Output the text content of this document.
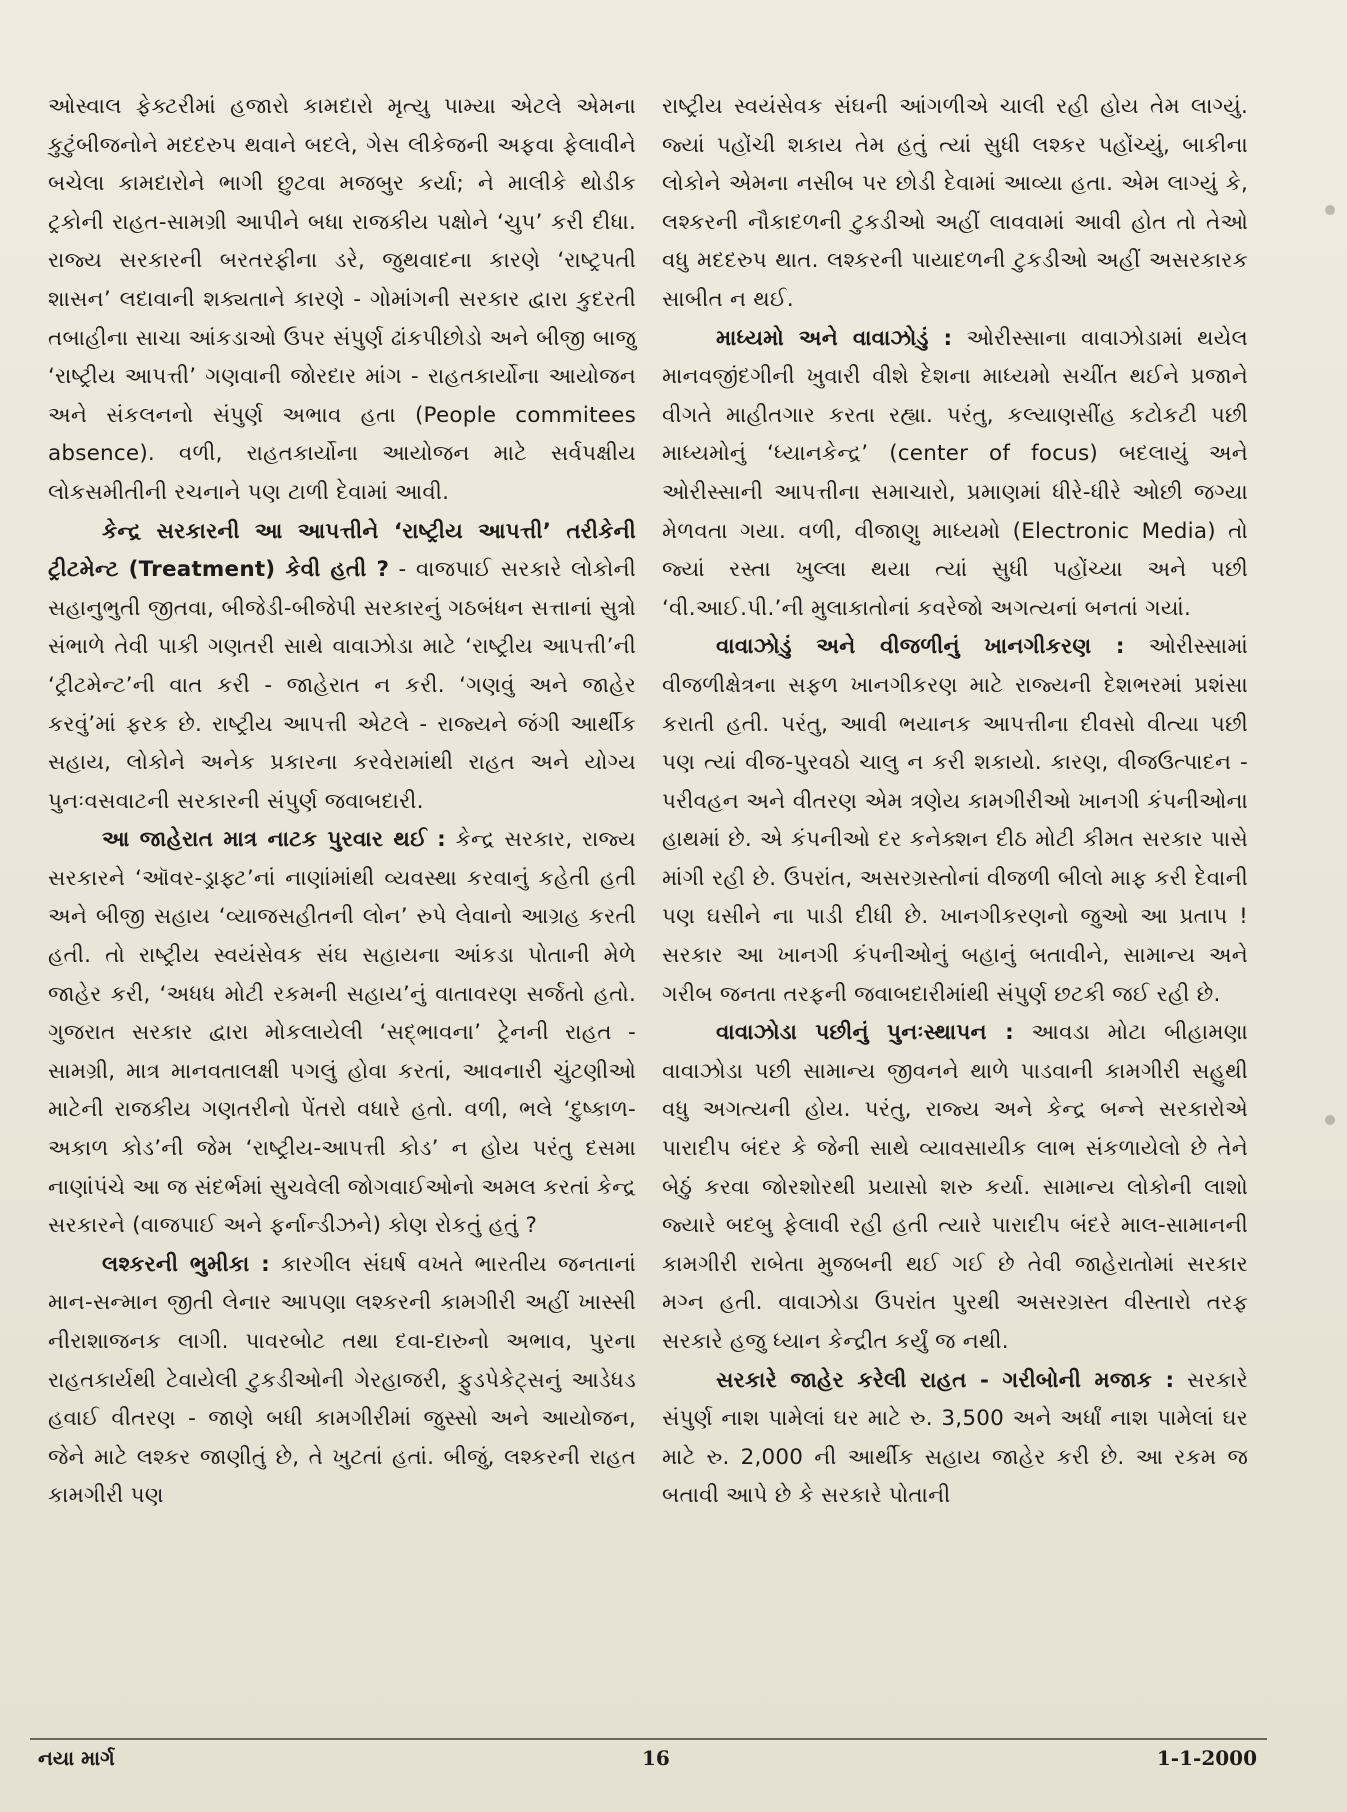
ઓસ્વાલ ફેક્ટરીમાં હજારો કામદારો મૃત્યુ પામ્યા એટલે એમના કુટુંબીજનોને મદદરુપ થવાને બદલે, ગેસ લીકેજની અફવા ફેલાવીને બચેલા કામદારોને ભાગી છુટવા મજબુર કર્યા; ને માલીકે થોડીક ટ્રકોની રાહત-સામગ્રી આપીને બધા રાજકીય પક્ષોને ‘ચુપ’ કરી દીધા. રાજ્ય સરકારની બરતરફીના ડરે, જુથવાદના કારણે ‘રાષ્ટ્રપતી શાસન’ લદાવાની શક્યતાને કારણે - ગોમાંગની સરકાર દ્વારા કુદરતી તબાહીના સાચા આંકડાઓ ઉપર સંપુર્ણ ઢાંકપીછોડો અને બીજી બાજુ ‘રાષ્ટ્રીય આપત્તી’ ગણવાની જોરદાર માંગ - રાહતકાર્યોના આયોજન અને સંકલનનો સંપુર્ણ અભાવ હતા (People commitees absence). વળી, રાહતકાર્યોના આયોજન માટે સર્વપક્ષીય લોકસમીતીની રચનાને પણ ટાળી દેવામાં આવી.

કેન્દ્ર સરકારની આ આપત્તીને ‘રાષ્ટ્રીય આપત્તી’ તરીકેની ટ્રીટમેન્ટ (Treatment) કેવી હતી ? - વાજપાઈ સરકારે લોકોની સહાનુભુતી જીતવા, બીજેડી-બીજેપી સરકારનું ગઠબંધન સત્તાનાં સુત્રો સંભાળે તેવી પાકી ગણતરી સાથે વાવાઝોડા માટે ‘રાષ્ટ્રીય આપત્તી’ની ‘ટ્રીટમેન્ટ’ની વાત કરી - જાહેરાત ન કરી. ‘ગણવું અને જાહેર કરવું’માં ફરક છે. રાષ્ટ્રીય આપત્તી એટલે - રાજ્યને જંગી આર્થીક સહાય, લોકોને અનેક પ્રકારના કરવેરામાંથી રાહત અને યોગ્ય પુનઃવસવાટની સરકારની સંપુર્ણ જવાબદારી.

આ જાહેરાત માત્ર નાટક પુરવાર થઈ : કેન્દ્ર સરકાર, રાજ્ય સરકારને ‘ઑવર-ડ્રાફ્ટ’નાં નાણાંમાંથી વ્યવસ્થા કરવાનું કહેતી હતી અને બીજી સહાય ‘વ્યાજસહીતની લોન’ રુપે લેવાનો આગ્રહ કરતી હતી. તો રાષ્ટ્રીય સ્વયંસેવક સંઘ સહાયના આંકડા પોતાની મેળે જાહેર કરી, ‘અધધ મોટી રકમની સહાય’નું વાતાવરણ સર્જતો હતો. ગુજરાત સરકાર દ્વારા મોકલાયેલી ‘સદ્ભાવના’ ટ્રેનની રાહત - સામગ્રી, માત્ર માનવતાલક્ષી પગલું હોવા કરતાં, આવનારી ચુંટણીઓ માટેની રાજકીય ગણતરીનો પેંતરો વધારે હતો. વળી, ભલે ‘દુષ્કાળ-અકાળ કોડ’ની જેમ ‘રાષ્ટ્રીય-આપત્તી કોડ’ ન હોય પરંતુ દસમા નાણાંપંચે આ જ સંદર્ભમાં સુચવેલી જોગવાઈઓનો અમલ કરતાં કેન્દ્ર સરકારને (વાજપાઈ અને ફર્નાન્ડીઝને) કોણ રોકતું હતું ?

લશ્કરની ભુમીકા : કારગીલ સંઘર્ષ વખતે ભારતીય જનતાનાં માન-સન્માન જીતી લેનાર આપણા લશ્કરની કામગીરી અહીં ખાસ્સી નીરાશાજનક લાગી. પાવરબોટ તથા દવા-દારુનો અભાવ, પુરના રાહતકાર્યથી ટેવાયેલી ટુકડીઓની ગેરહાજરી, ફુડપેકેટ્સનું આડેધડ હવાઈ વીતરણ - જાણે બધી કામગીરીમાં જુસ્સો અને આયોજન, જેને માટે લશ્કર જાણીતું છે, તે ખુટતાં હતાં. બીજું, લશ્કરની રાહત કામગીરી પણ

રાષ્ટ્રીય સ્વયંસેવક સંઘની આંગળીએ ચાલી રહી હોય તેમ લાગ્યું. જ્યાં પહોંચી શકાય તેમ હતું ત્યાં સુધી લશ્કર પહોંચ્યું, બાકીના લોકોને એમના નસીબ પર છોડી દેવામાં આવ્યા હતા. એમ લાગ્યું કે, લશ્કરની નૌકાદળની ટુકડીઓ અહીં લાવવામાં આવી હોત તો તેઓ વધુ મદદરુપ થાત. લશ્કરની પાયાદળની ટુકડીઓ અહીં અસરકારક સાબીત ન થઈ.

માધ્યમો અને વાવાઝોડું : ઓરીસ્સાના વાવાઝોડામાં થયેલ માનવજીંદગીની ખુવારી વીશે દેશના માધ્યમો સચીંત થઈને પ્રજાને વીગતે માહીતગાર કરતા રહ્યા. પરંતુ, કલ્યાણસીંહ કટોકટી પછી માધ્યમોનું ‘ધ્યાનકેન્દ્ર’ (center of focus) બદલાયું અને ઓરીસ્સાની આપત્તીના સમાચારો, પ્રમાણમાં ધીરે-ધીરે ઓછી જગ્યા મેળવતા ગયા. વળી, વીજાણુ માધ્યમો (Electronic Media) તો જ્યાં રસ્તા ખુલ્લા થયા ત્યાં સુધી પહોંચ્યા અને પછી ‘વી.આઈ.પી.’ની મુલાકાતોનાં કવરેજો અગત્યનાં બનતાં ગયાં.

વાવાઝોડું અને વીજળીનું ખાનગીકરણ : ઓરીસ્સામાં વીજળીક્ષેત્રના સફળ ખાનગીકરણ માટે રાજ્યની દેશભરમાં પ્રશંસા કરાતી હતી. પરંતુ, આવી ભયાનક આપત્તીના દીવસો વીત્યા પછી પણ ત્યાં વીજ-પુરવઠો ચાલુ ન કરી શકાયો. કારણ, વીજઉત્પાદન - પરીવહન અને વીતરણ એમ ત્રણેય કામગીરીઓ ખાનગી કંપનીઓના હાથમાં છે. એ કંપનીઓ દર કનેક્શન દીઠ મોટી કીમત સરકાર પાસે માંગી રહી છે. ઉપરાંત, અસરગ્રસ્તોનાં વીજળી બીલો માફ કરી દેવાની પણ ઘસીને ના પાડી દીધી છે. ખાનગીકરણનો જુઓ આ પ્રતાપ ! સરકાર આ ખાનગી કંપનીઓનું બહાનું બતાવીને, સામાન્ય અને ગરીબ જનતા તરફની જવાબદારીમાંથી સંપુર્ણ છટકી જઈ રહી છે.

વાવાઝોડા પછીનું પુનઃસ્થાપન : આવડા મોટા બીહામણા વાવાઝોડા પછી સામાન્ય જીવનને થાળે પાડવાની કામગીરી સહુથી વધુ અગત્યની હોય. પરંતુ, રાજ્ય અને કેન્દ્ર બન્ને સરકારોએ પારાદીપ બંદર કે જેની સાથે વ્યાવસાયીક લાભ સંકળાયેલો છે તેને બેઠું કરવા જોરશોરથી પ્રયાસો શરુ કર્યા. સામાન્ય લોકોની લાશો જ્યારે બદબુ ફેલાવી રહી હતી ત્યારે પારાદીપ બંદરે માલ-સામાનની કામગીરી રાબેતા મુજબની થઈ ગઈ છે તેવી જાહેરાતોમાં સરકાર મગ્ન હતી. વાવાઝોડા ઉપરાંત પુરથી અસરગ્રસ્ત વીસ્તારો તરફ સરકારે હજુ ધ્યાન કેન્દ્રીત કર્યું જ નથી.

સરકારે જાહેર કરેલી રાહત - ગરીબોની મજાક : સરકારે સંપુર્ણ નાશ પામેલાં ઘર માટે રુ. 3,500 અને અર્ધાં નાશ પામેલાં ઘર માટે રુ. 2,000 ની આર્થીક સહાય જાહેર કરી છે. આ રકમ જ બતાવી આપે છે કે સરકારે પોતાની

નયા માર્ગ	16	1-1-2000
